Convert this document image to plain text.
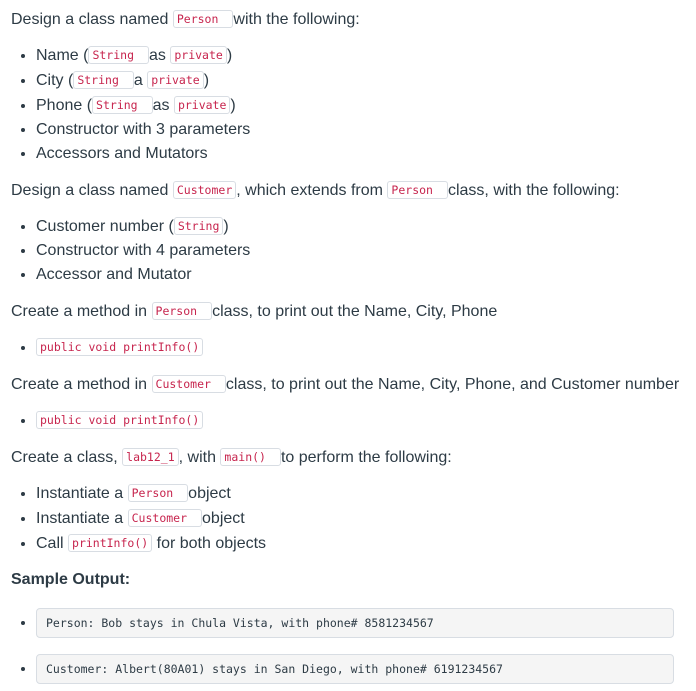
Design a class named Person with the following:

• Name ( String as private )
• City ( String a private )
• Phone ( String as private )
• Constructor with 3 parameters
• Accessors and Mutators

Design a class named Customer , which extends from Person class, with the following:

• Customer number ( String )
• Constructor with 4 parameters
• Accessor and Mutator

Create a method in Person class, to print out the Name, City, Phone

• public void printInfo()

Create a method in Customer class, to print out the Name, City, Phone, and Customer number

• public void printInfo()

Create a class, lab12_1 , with main() to perform the following:

• Instantiate a Person object
• Instantiate a Customer object
• Call printInfo() for both objects

Sample Output:

• Person: Bob stays in Chula Vista, with phone# 8581234567
• Customer: Albert(80A01) stays in San Diego, with phone# 6191234567
